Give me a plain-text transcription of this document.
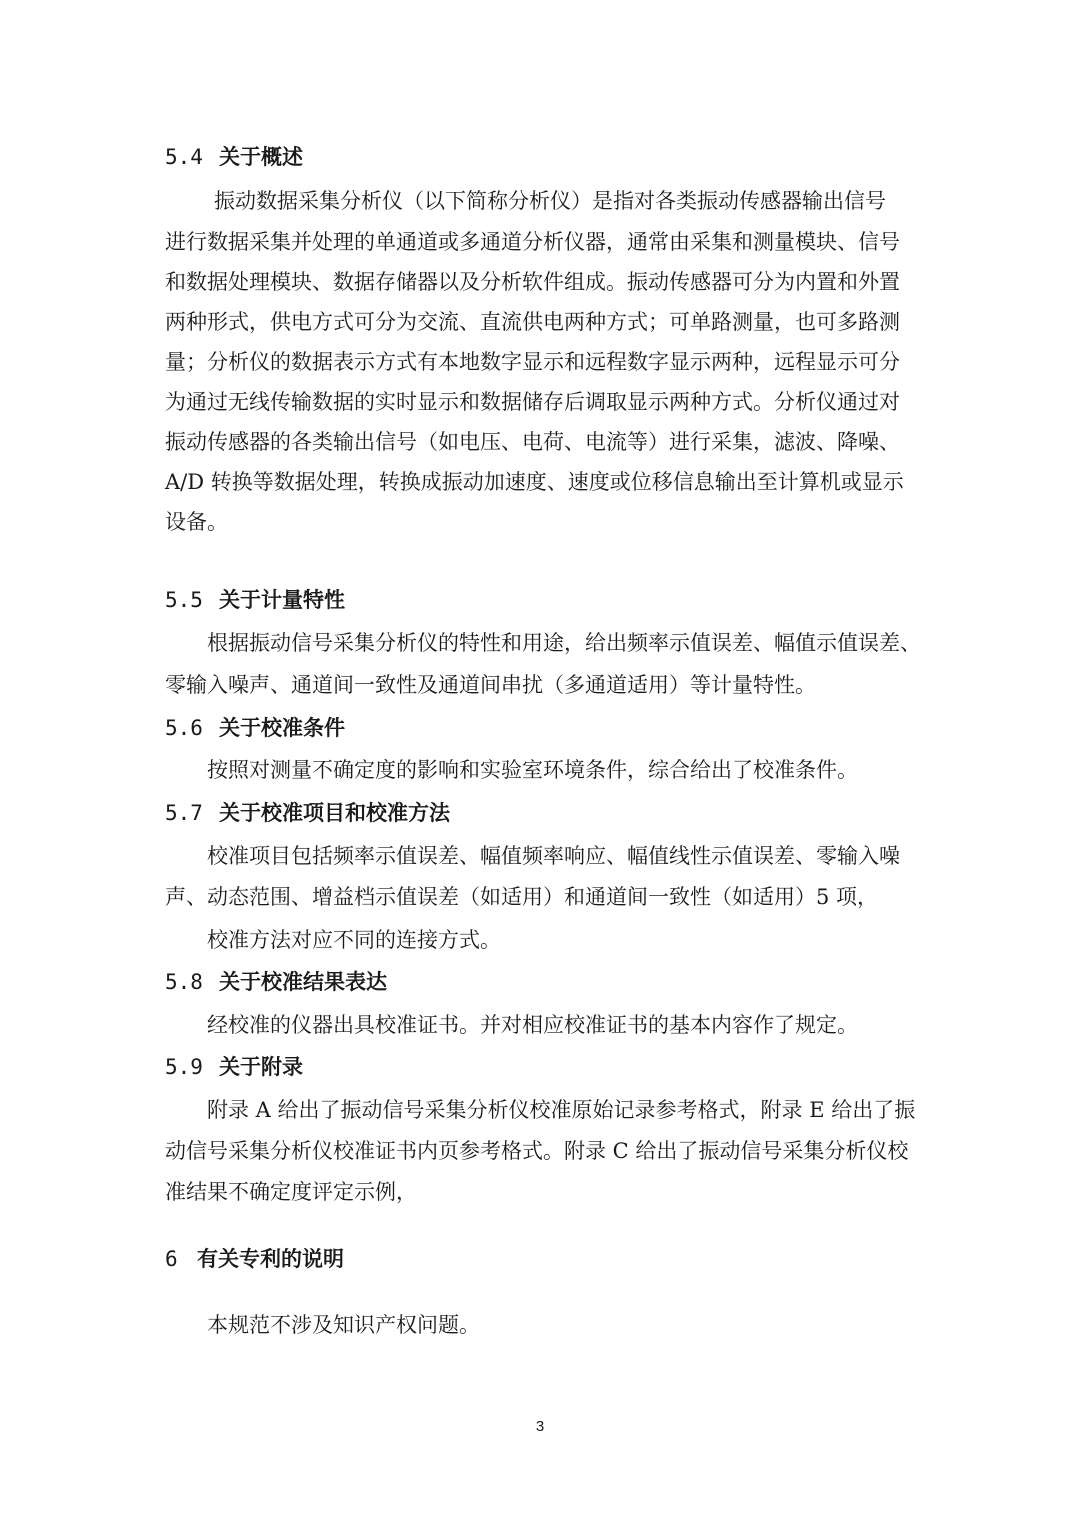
5.4 关于概述
振动数据采集分析仪（以下简称分析仪）是指对各类振动传感器输出信号
进行数据采集并处理的单通道或多通道分析仪器，通常由采集和测量模块、信号
和数据处理模块、数据存储器以及分析软件组成。振动传感器可分为内置和外置
两种形式，供电方式可分为交流、直流供电两种方式；可单路测量，也可多路测
量；分析仪的数据表示方式有本地数字显示和远程数字显示两种，远程显示可分
为通过无线传输数据的实时显示和数据储存后调取显示两种方式。分析仪通过对
振动传感器的各类输出信号（如电压、电荷、电流等）进行采集，滤波、降噪、
A/D 转换等数据处理，转换成振动加速度、速度或位移信息输出至计算机或显示
设备。
5.5 关于计量特性
根据振动信号采集分析仪的特性和用途，给出频率示值误差、幅值示值误差、
零输入噪声、通道间一致性及通道间串扰（多通道适用）等计量特性。
5.6 关于校准条件
按照对测量不确定度的影响和实验室环境条件，综合给出了校准条件。
5.7 关于校准项目和校准方法
校准项目包括频率示值误差、幅值频率响应、幅值线性示值误差、零输入噪
声、动态范围、增益档示值误差（如适用）和通道间一致性（如适用）5 项，
校准方法对应不同的连接方式。
5.8 关于校准结果表达
经校准的仪器出具校准证书。并对相应校准证书的基本内容作了规定。
5.9 关于附录
附录 A 给出了振动信号采集分析仪校准原始记录参考格式，附录 E 给出了振
动信号采集分析仪校准证书内页参考格式。附录 C 给出了振动信号采集分析仪校
准结果不确定度评定示例，
6 有关专利的说明
本规范不涉及知识产权问题。
3
